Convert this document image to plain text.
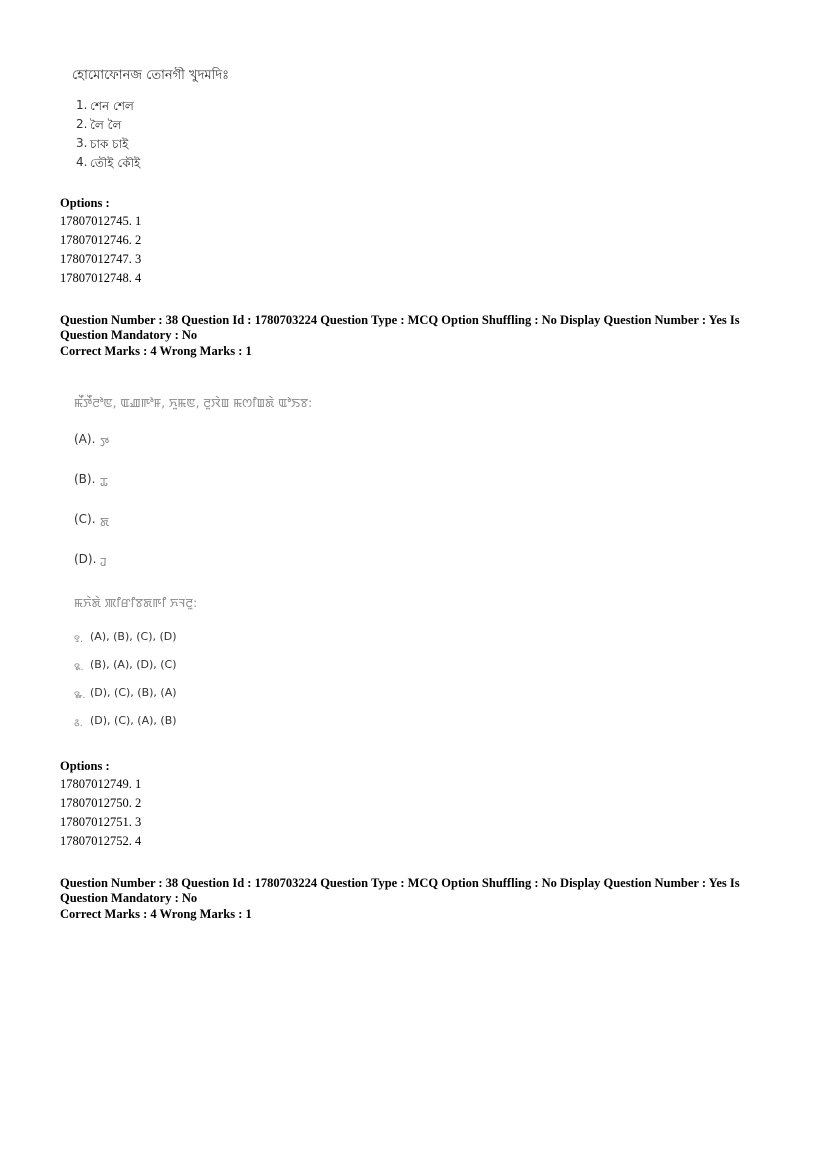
হোমোফোনজ তোনগী খুদমদিঃ
1. শেন শেল
2. লৈ লৈ
3. চাক চাই
4. তৌই কৌই
Options :
17807012745. 1
17807012746. 2
17807012747. 3
17807012748. 4
Question Number : 38 Question Id : 1780703224 Question Type : MCQ Option Shuffling : No Display Question Number : Yes Is
Question Mandatory : No
Correct Marks : 4 Wrong Marks : 1
ꯃꯩꯇꯩꯂꯣꯟ, ꯑꯉꯒꯣꯝ, ꯈꯨꯃꯟ, ꯂꯨꯋꯥꯡ ꯃꯁꯤꯡꯗꯥ ꯑꯣꯏꯕ:
(A). ꯇ
(B). ꯊ
(C). ꯗ
(D). ꯙ
ꯃꯈꯥꯗꯥ ꯄꯤꯔꯤꯕꯗꯒꯤ ꯈꯜꯂꯨ:
꯱. (A), (B), (C), (D)
꯲. (B), (A), (D), (C)
꯳. (D), (C), (B), (A)
꯴. (D), (C), (A), (B)
Options :
17807012749. 1
17807012750. 2
17807012751. 3
17807012752. 4
Question Number : 38 Question Id : 1780703224 Question Type : MCQ Option Shuffling : No Display Question Number : Yes Is
Question Mandatory : No
Correct Marks : 4 Wrong Marks : 1
